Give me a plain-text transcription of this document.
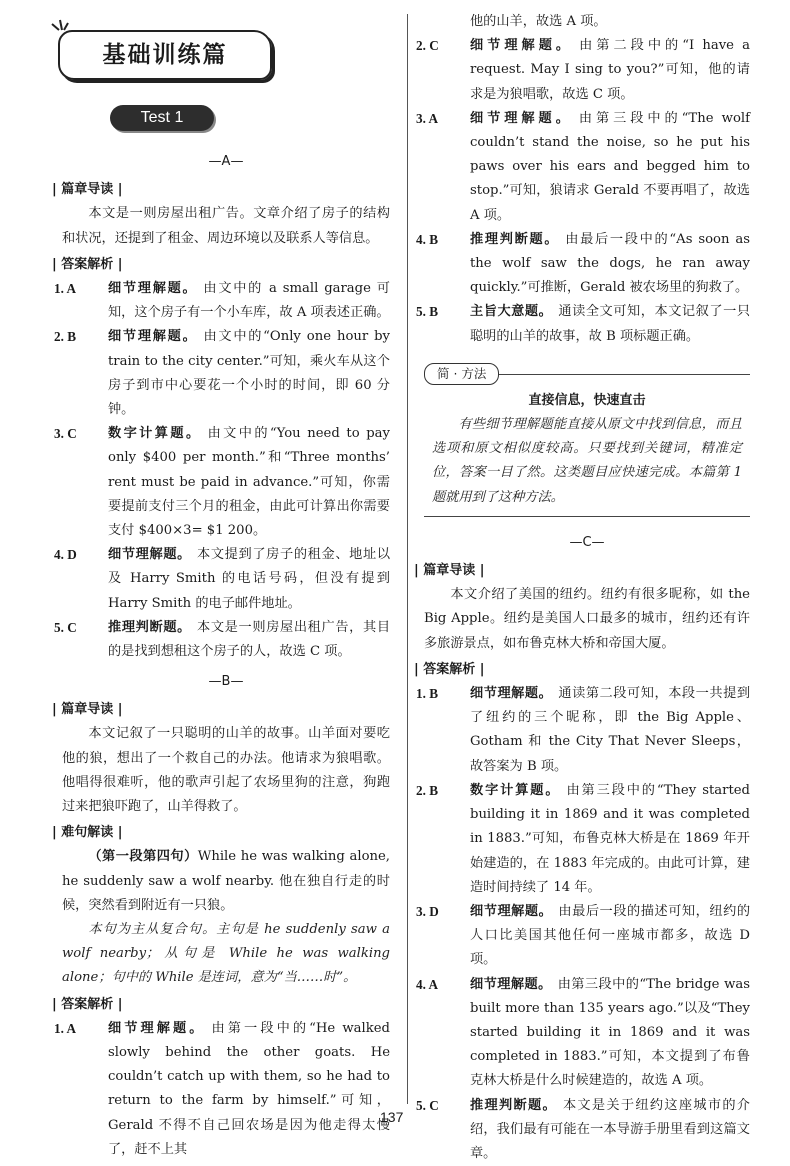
基础训练篇
Test 1
—A—
| 篇章导读 |

本文是一则房屋出租广告。文章介绍了房子的结构和状况，还提到了租金、周边环境以及联系人等信息。

| 答案解析 |

1. A 细节理解题。 由文中的 a small garage 可知，这个房子有一个小车库，故 A 项表述正确。

2. B 细节理解题。 由文中的“Only one hour by train to the city center.”可知，乘火车从这个房子到市中心要花一个小时的时间，即 60 分钟。

3. C 数字计算题。 由文中的“You need to pay only $400 per month.”和“Three months’ rent must be paid in advance.”可知，你需要提前支付三个月的租金，由此可计算出你需要支付 $400×3= $1 200。

4. D 细节理解题。 本文提到了房子的租金、地址以及 Harry Smith 的电话号码，但没有提到 Harry Smith 的电子邮件地址。

5. C 推理判断题。 本文是一则房屋出租广告，其目的是找到想租这个房子的人，故选 C 项。

—B—
| 篇章导读 |

本文记叙了一只聪明的山羊的故事。山羊面对要吃他的狼，想出了一个救自己的办法。他请求为狼唱歌。他唱得很难听，他的歌声引起了农场里狗的注意，狗跑过来把狼吓跑了，山羊得救了。

| 难句解读 |

（第一段第四句）While he was walking alone, he suddenly saw a wolf nearby. 他在独自行走的时候，突然看到附近有一只狼。

本句为主从复合句。主句是 he suddenly saw a wolf nearby；从句是 While he was walking alone；句中的 While 是连词，意为“当……时”。

| 答案解析 |

1. A 细节理解题。 由第一段中的“He walked slowly behind the other goats. He couldn’t catch up with them, so he had to return to the farm by himself.”可知，Gerald 不得不自己回农场是因为他走得太慢了，赶不上其

他的山羊，故选 A 项。

2. C 细节理解题。 由第二段中的“I have a request. May I sing to you?”可知，他的请求是为狼唱歌，故选 C 项。

3. A 细节理解题。 由第三段中的“The wolf couldn’t stand the noise, so he put his paws over his ears and begged him to stop.”可知，狼请求 Gerald 不要再唱了，故选 A 项。

4. B 推理判断题。 由最后一段中的“As soon as the wolf saw the dogs, he ran away quickly.”可推断，Gerald 被农场里的狗救了。

5. B 主旨大意题。 通读全文可知，本文记叙了一只聪明的山羊的故事，故 B 项标题正确。

简 · 方法

直接信息，快速直击

有些细节理解题能直接从原文中找到信息，而且选项和原文相似度较高。只要找到关键词，精准定位，答案一目了然。这类题目应快速完成。本篇第 1 题就用到了这种方法。

—C—
| 篇章导读 |

本文介绍了美国的纽约。纽约有很多昵称，如 the Big Apple。纽约是美国人口最多的城市，纽约还有许多旅游景点，如布鲁克林大桥和帝国大厦。

| 答案解析 |

1. B 细节理解题。 通读第二段可知，本段一共提到了纽约的三个昵称，即 the Big Apple、Gotham 和 the City That Never Sleeps，故答案为 B 项。

2. B 数字计算题。 由第三段中的“They started building it in 1869 and it was completed in 1883.”可知，布鲁克林大桥是在 1869 年开始建造的，在 1883 年完成的。由此可计算，建造时间持续了 14 年。

3. D 细节理解题。 由最后一段的描述可知，纽约的人口比美国其他任何一座城市都多，故选 D 项。

4. A 细节理解题。 由第三段中的“The bridge was built more than 135 years ago.”以及“They started building it in 1869 and it was completed in 1883.”可知，本文提到了布鲁克林大桥是什么时候建造的，故选 A 项。

5. C 推理判断题。 本文是关于纽约这座城市的介绍，我们最有可能在一本导游手册里看到这篇文章。

137
